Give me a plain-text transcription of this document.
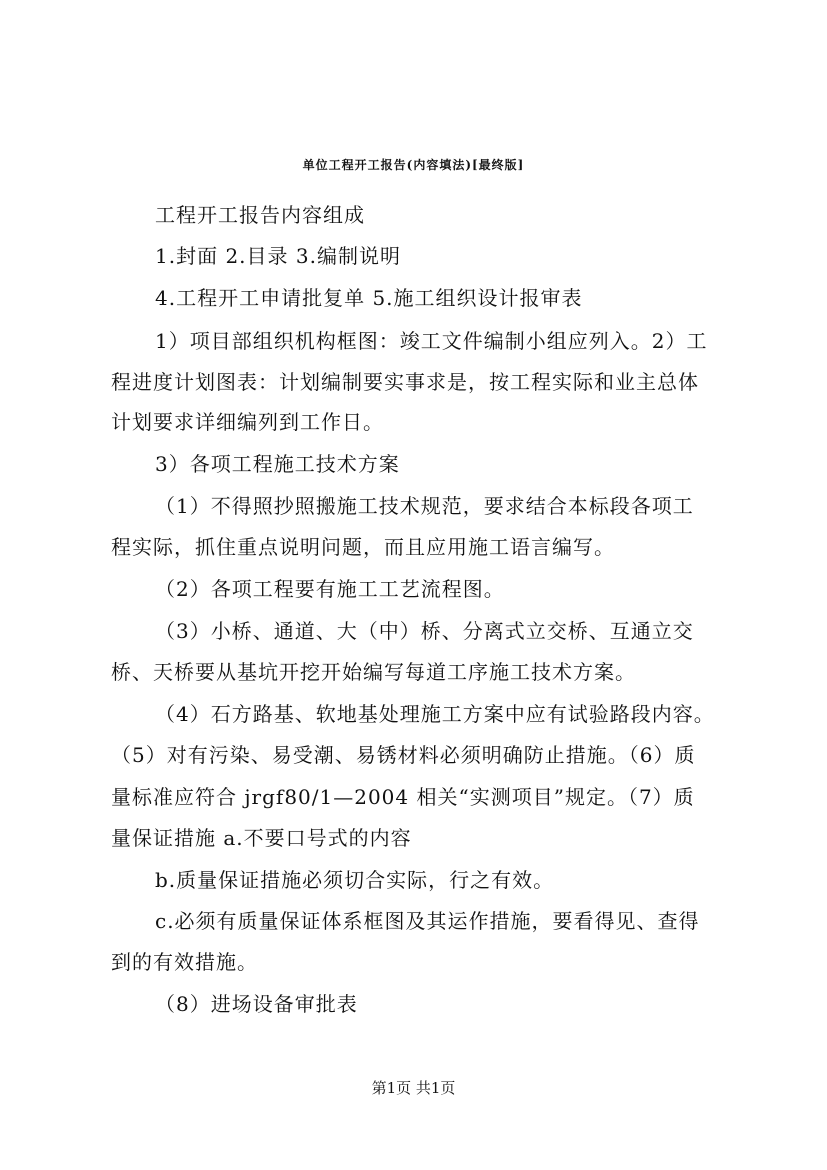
单位工程开工报告(内容填法)[最终版]
工程开工报告内容组成
1.封面 2.目录 3.编制说明
4.工程开工申请批复单 5.施工组织设计报审表
1）项目部组织机构框图：竣工文件编制小组应列入。2）工
程进度计划图表：计划编制要实事求是，按工程实际和业主总体
计划要求详细编列到工作日。
3）各项工程施工技术方案
（1）不得照抄照搬施工技术规范，要求结合本标段各项工
程实际，抓住重点说明问题，而且应用施工语言编写。
（2）各项工程要有施工工艺流程图。
（3）小桥、通道、大（中）桥、分离式立交桥、互通立交
桥、天桥要从基坑开挖开始编写每道工序施工技术方案。
（4）石方路基、软地基处理施工方案中应有试验路段内容。
（5）对有污染、易受潮、易锈材料必须明确防止措施。（6）质
量标准应符合 jrgf80/1—2004 相关“实测项目”规定。（7）质
量保证措施 a.不要口号式的内容
b.质量保证措施必须切合实际，行之有效。
c.必须有质量保证体系框图及其运作措施，要看得见、查得
到的有效措施。
（8）进场设备审批表
第1页 共1页
